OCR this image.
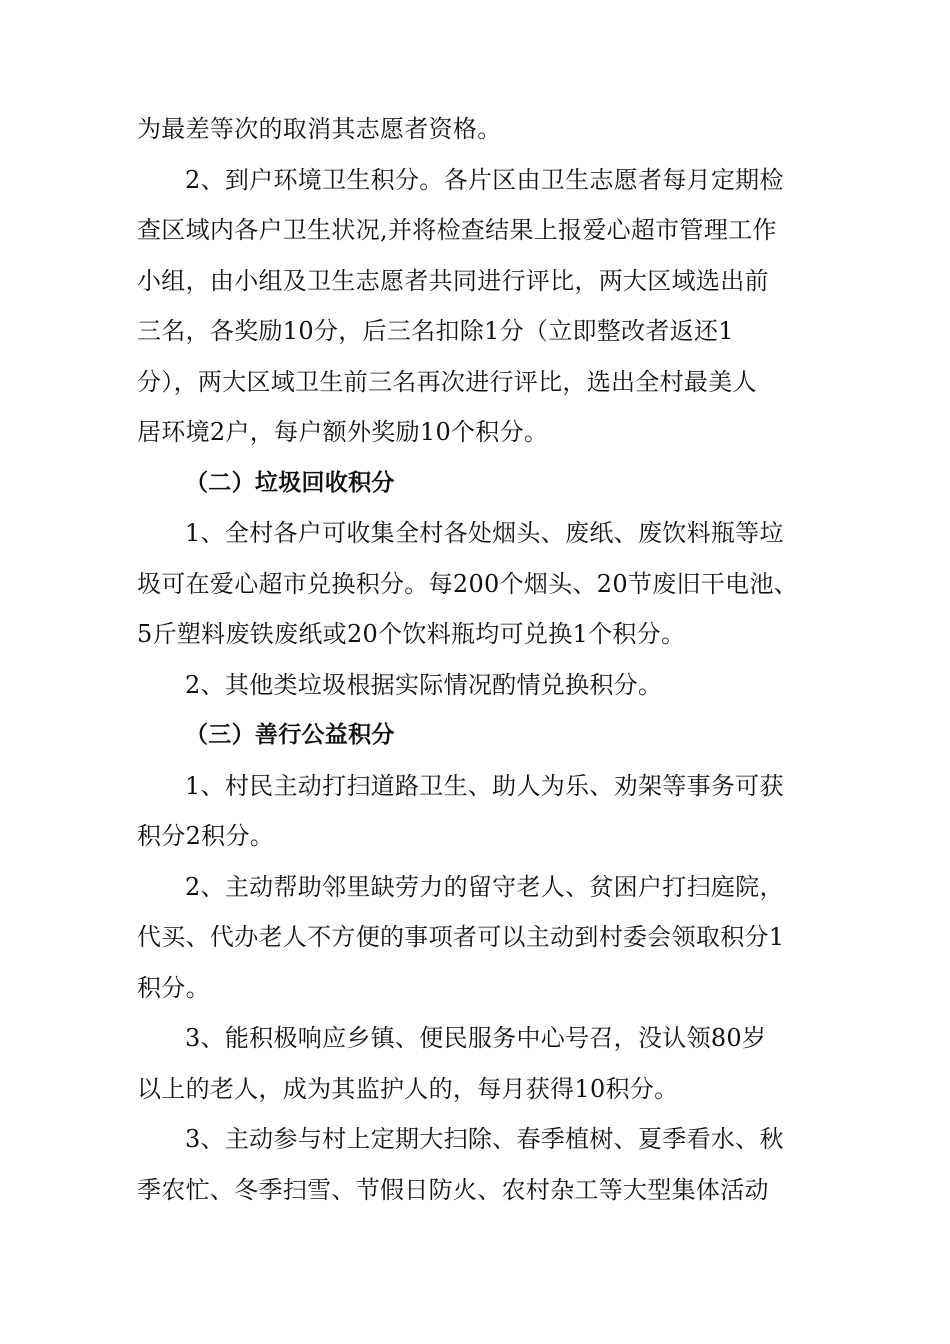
为最差等次的取消其志愿者资格。
2、到户环境卫生积分。各片区由卫生志愿者每月定期检
查区域内各户卫生状况,并将检查结果上报爱心超市管理工作
小组，由小组及卫生志愿者共同进行评比，两大区域选出前
三名，各奖励10分，后三名扣除1分（立即整改者返还1
分），两大区域卫生前三名再次进行评比，选出全村最美人
居环境2户，每户额外奖励10个积分。
（二）垃圾回收积分
1、全村各户可收集全村各处烟头、废纸、废饮料瓶等垃
圾可在爱心超市兑换积分。每200个烟头、20节废旧干电池、
5斤塑料废铁废纸或20个饮料瓶均可兑换1个积分。
2、其他类垃圾根据实际情况酌情兑换积分。
（三）善行公益积分
1、村民主动打扫道路卫生、助人为乐、劝架等事务可获
积分2积分。
2、主动帮助邻里缺劳力的留守老人、贫困户打扫庭院，
代买、代办老人不方便的事项者可以主动到村委会领取积分1
积分。
3、能积极响应乡镇、便民服务中心号召，没认领80岁
以上的老人，成为其监护人的，每月获得10积分。
3、主动参与村上定期大扫除、春季植树、夏季看水、秋
季农忙、冬季扫雪、节假日防火、农村杂工等大型集体活动
